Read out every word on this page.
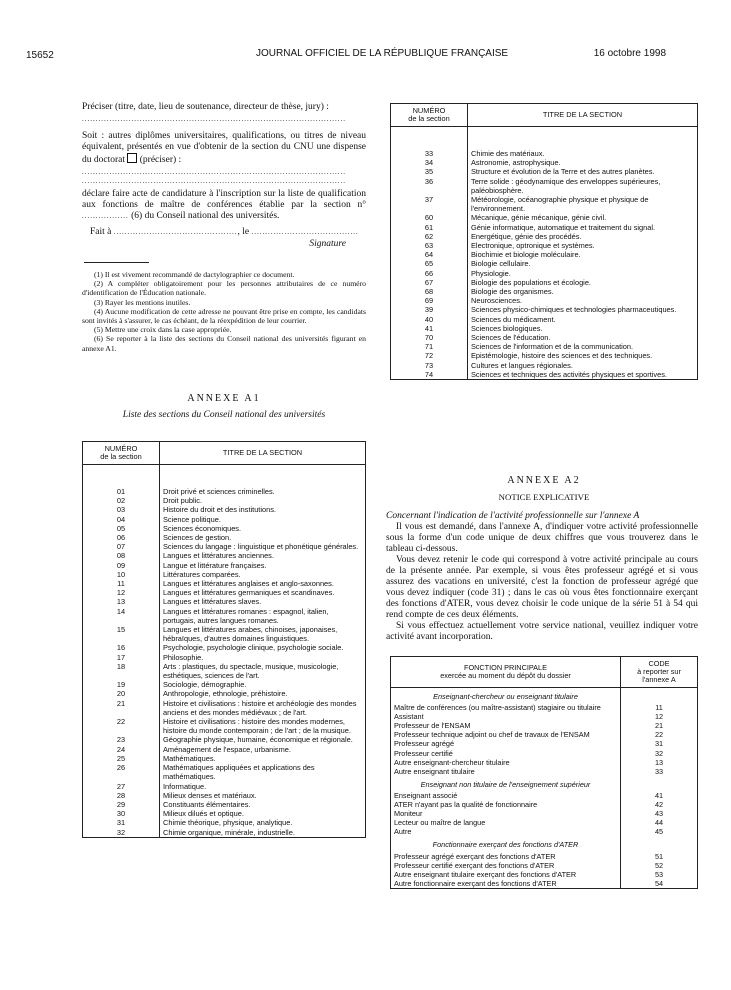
15652	JOURNAL OFFICIEL DE LA RÉPUBLIQUE FRANÇAISE	16 octobre 1998

Préciser (titre, date, lieu de soutenance, directeur de thèse, jury) :

................................................................................................

Soit : autres diplômes universitaires, qualifications, ou titres de niveau équivalent, présentés en vue d'obtenir de la section du CNU une dispense du doctorat (préciser) :

................................................................................................
................................................................................................

déclare faire acte de candidature à l'inscription sur la liste de qualification aux fonctions de maître de conférences établie par la section n° ................. (6) du Conseil national des universités.

Fait à ............................................., le .......................................

Signature

(1) Il est vivement recommandé de dactylographier ce document.

(2) A compléter obligatoirement pour les personnes attributaires de ce numéro d'identification de l'Éducation nationale.

(3) Rayer les mentions inutiles.

(4) Aucune modification de cette adresse ne pouvant être prise en compte, les candidats sont invités à s'assurer, le cas échéant, de la réexpédition de leur courrier.

(5) Mettre une croix dans la case appropriée.

(6) Se reporter à la liste des sections du Conseil national des universités figurant en annexe A1.

ANNEXE A1
Liste des sections du Conseil national des universités
NUMÉRO
de la section	TITRE DE LA SECTION

01	Droit privé et sciences criminelles.
02	Droit public.
03	Histoire du droit et des institutions.
04	Science politique.
05	Sciences économiques.
06	Sciences de gestion.
07	Sciences du langage : linguistique et phonétique générales.
08	Langues et littératures anciennes.
09	Langue et littérature françaises.
10	Littératures comparées.
11	Langues et littératures anglaises et anglo-saxonnes.
12	Langues et littératures germaniques et scandinaves.
13	Langues et littératures slaves.
14	Langues et littératures romanes : espagnol, italien, portugais, autres langues romanes.
15	Langues et littératures arabes, chinoises, japonaises, hébraïques, d'autres domaines linguistiques.
16	Psychologie, psychologie clinique, psychologie sociale.
17	Philosophie.
18	Arts : plastiques, du spectacle, musique, musicologie, esthétiques, sciences de l'art.
19	Sociologie, démographie.
20	Anthropologie, ethnologie, préhistoire.
21	Histoire et civilisations : histoire et archéologie des mondes anciens et des mondes médiévaux ; de l'art.
22	Histoire et civilisations : histoire des mondes modernes, histoire du monde contemporain ; de l'art ; de la musique.
23	Géographie physique, humaine, économique et régionale.
24	Aménagement de l'espace, urbanisme.
25	Mathématiques.
26	Mathématiques appliquées et applications des mathématiques.
27	Informatique.
28	Milieux denses et matériaux.
29	Constituants élémentaires.
30	Milieux dilués et optique.
31	Chimie théorique, physique, analytique.
32	Chimie organique, minérale, industrielle.
NUMÉRO
de la section	TITRE DE LA SECTION

33	Chimie des matériaux.
34	Astronomie, astrophysique.
35	Structure et évolution de la Terre et des autres planètes.
36	Terre solide : géodynamique des enveloppes supérieures, paléobiosphère.
37	Météorologie, océanographie physique et physique de l'environnement.
60	Mécanique, génie mécanique, génie civil.
61	Génie informatique, automatique et traitement du signal.
62	Energétique, génie des procédés.
63	Electronique, optronique et systèmes.
64	Biochimie et biologie moléculaire.
65	Biologie cellulaire.
66	Physiologie.
67	Biologie des populations et écologie.
68	Biologie des organismes.
69	Neurosciences.
39	Sciences physico-chimiques et technologies pharmaceutiques.
40	Sciences du médicament.
41	Sciences biologiques.
70	Sciences de l'éducation.
71	Sciences de l'information et de la communication.
72	Epistémologie, histoire des sciences et des techniques.
73	Cultures et langues régionales.
74	Sciences et techniques des activités physiques et sportives.
ANNEXE A2
NOTICE EXPLICATIVE

Concernant l'indication de l'activité professionnelle sur l'annexe A

Il vous est demandé, dans l'annexe A, d'indiquer votre activité professionnelle sous la forme d'un code unique de deux chiffres que vous trouverez dans le tableau ci-dessous.

Vous devez retenir le code qui correspond à votre activité principale au cours de la présente année. Par exemple, si vous êtes professeur agrégé et si vous assurez des vacations en université, c'est la fonction de professeur agrégé que vous devez indiquer (code 31) ; dans le cas où vous êtes fonctionnaire exerçant des fonctions d'ATER, vous devez choisir le code unique de la série 51 à 54 qui rend compte de ces deux éléments.

Si vous effectuez actuellement votre service national, veuillez indiquer votre activité avant incorporation.

FONCTION PRINCIPALE
exercée au moment du dépôt du dossier	CODE
à reporter sur l'annexe A
Enseignant-chercheur ou enseignant titulaire	
Maître de conférences (ou maître-assistant) stagiaire ou titulaire	11
Assistant	12
Professeur de l'ENSAM	21
Professeur technique adjoint ou chef de travaux de l'ENSAM	22
Professeur agrégé	31
Professeur certifié	32
Autre enseignant-chercheur titulaire	13
Autre enseignant titulaire	33
Enseignant non titulaire de l'enseignement supérieur	
Enseignant associé	41
ATER n'ayant pas la qualité de fonctionnaire	42
Moniteur	43
Lecteur ou maître de langue	44
Autre	45
Fonctionnaire exerçant des fonctions d'ATER	
Professeur agrégé exerçant des fonctions d'ATER	51
Professeur certifié exerçant des fonctions d'ATER	52
Autre enseignant titulaire exerçant des fonctions d'ATER	53
Autre fonctionnaire exerçant des fonctions d'ATER	54
